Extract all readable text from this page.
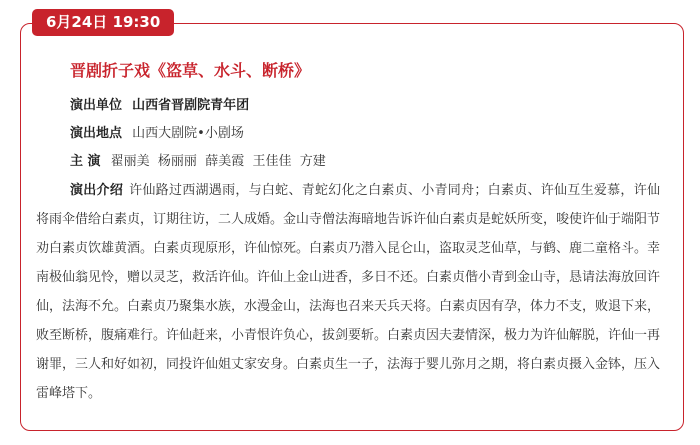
6月24日 19:30
晋剧折子戏《盗草、水斗、断桥》
演出单位 山西省晋剧院青年团
演出地点 山西大剧院•小剧场
主 演 翟丽美  杨丽丽  薛美霞  王佳佳  方建
演出介绍 许仙路过西湖遇雨，与白蛇、青蛇幻化之白素贞、小青同舟；白素贞、许仙互生爱慕，许仙将雨伞借给白素贞，订期往访，二人成婚。金山寺僧法海暗地告诉许仙白素贞是蛇妖所变，唆使许仙于端阳节劝白素贞饮雄黄酒。白素贞现原形，许仙惊死。白素贞乃潜入昆仑山，盗取灵芝仙草，与鹤、鹿二童格斗。幸南极仙翁见怜，赠以灵芝，救活许仙。许仙上金山进香，多日不还。白素贞偕小青到金山寺，恳请法海放回许仙，法海不允。白素贞乃聚集水族，水漫金山，法海也召来天兵天将。白素贞因有孕，体力不支，败退下来，败至断桥，腹痛难行。许仙赶来，小青恨许负心，拔剑要斩。白素贞因夫妻情深，极力为许仙解脱，许仙一再谢罪，三人和好如初，同投许仙姐丈家安身。白素贞生一子，法海于婴儿弥月之期，将白素贞摄入金钵，压入雷峰塔下。
